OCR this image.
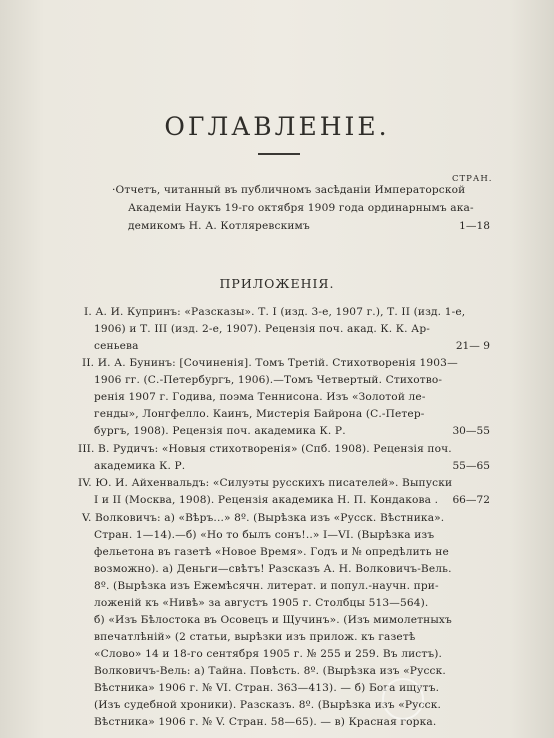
ОГЛАВЛЕНІЕ.
СТРАН.
·Отчетъ, читанный въ публичномъ засѣданіи Императорской
Академіи Наукъ 19-го октября 1909 года ординарнымъ ака-
демикомъ Н. А. Котляревскимъ	1—18
ПРИЛОЖЕНІЯ.
I. А. И. Купринъ: «Разсказы». Т. I (изд. 3-е, 1907 г.), Т. II (изд. 1-е,
1906) и Т. III (изд. 2-е, 1907). Рецензія поч. акад. К. К. Ар-
сеньева	21— 9
II. И. А. Бунинъ: [Сочиненія]. Томъ Третій. Стихотворенія 1903—
1906 гг. (С.-Петербургъ, 1906).—Томъ Четвертый. Стихотво-
ренія 1907 г. Годива, поэма Теннисона. Изъ «Золотой ле-
генды», Лонгфелло. Каинъ, Мистерія Байрона (С.-Петер-
бургъ, 1908). Рецензія поч. академика К. Р.	30—55
III. В. Рудичъ: «Новыя стихотворенія» (Спб. 1908). Рецензія поч.
академика К. Р.	55—65
IV. Ю. И. Айхенвальдъ: «Силуэты русскихъ писателей». Выпуски
I и II (Москва, 1908). Рецензія академика Н. П. Кондакова .	66—72
V. Волковичъ: а) «Вѣръ...» 8º. (Вырѣзка изъ «Русск. Вѣстника».
Стран. 1—14).—б) «Но то былъ сонъ!..» I—VI. (Вырѣзка изъ
фельетона въ газетѣ «Новое Время». Годъ и № опредѣлить не
возможно). а) Деньги—свѣтъ! Разсказъ А. Н. Волковичъ-Вель.
8º. (Вырѣзка изъ Ежемѣсячн. литерат. и попул.-научн. при-
ложеній къ «Нивѣ» за августъ 1905 г. Столбцы 513—564).
б) «Изъ Бѣлостока въ Осовецъ и Щучинъ». (Изъ мимолетныхъ
впечатлѣній» (2 статьи, вырѣзки изъ прилож. къ газетѣ
«Слово» 14 и 18-го сентября 1905 г. № 255 и 259. Въ листъ).
Волковичъ-Вель: а) Тайна. Повѣсть. 8º. (Вырѣзка изъ «Русск.
Вѣстника» 1906 г. № VI. Стран. 363—413). — б) Бога ищутъ.
(Изъ судебной хроники). Разсказъ. 8º. (Вырѣзка изъ «Русск.
Вѣстника» 1906 г. № V. Стран. 58—65). — в) Красная горка.
